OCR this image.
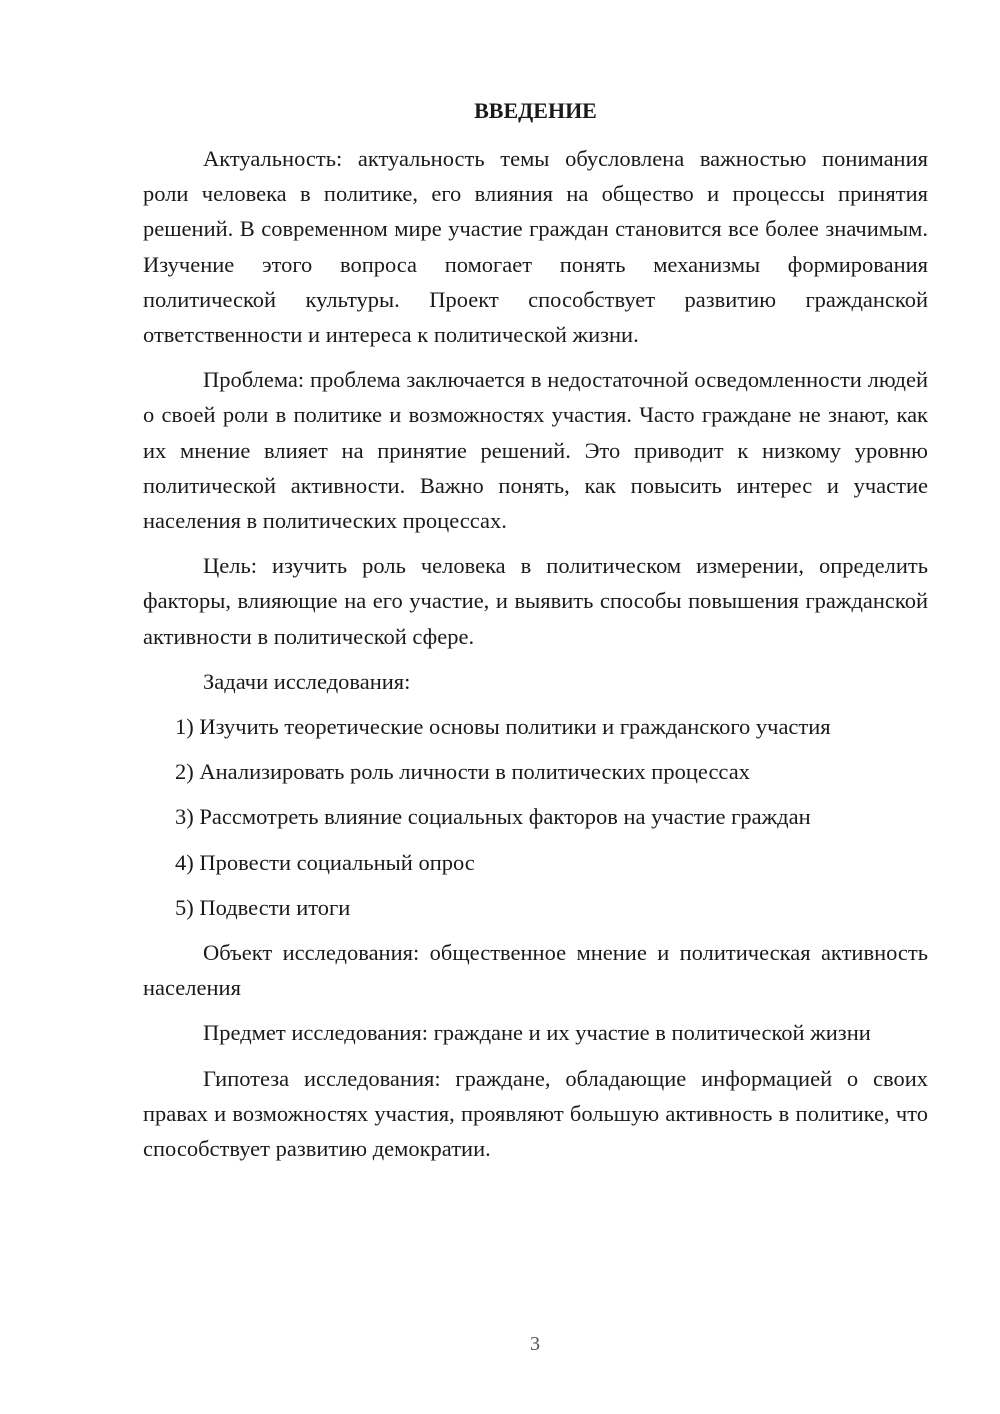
ВВЕДЕНИЕ

Актуальность: актуальность темы обусловлена важностью понимания роли человека в политике, его влияния на общество и процессы принятия решений. В современном мире участие граждан становится все более значимым. Изучение этого вопроса помогает понять механизмы формирования политической культуры. Проект способствует развитию гражданской ответственности и интереса к политической жизни.

Проблема: проблема заключается в недостаточной осведомленности людей о своей роли в политике и возможностях участия. Часто граждане не знают, как их мнение влияет на принятие решений. Это приводит к низкому уровню политической активности. Важно понять, как повысить интерес и участие населения в политических процессах.

Цель: изучить роль человека в политическом измерении, определить факторы, влияющие на его участие, и выявить способы повышения гражданской активности в политической сфере.

Задачи исследования:

1) Изучить теоретические основы политики и гражданского участия
2) Анализировать роль личности в политических процессах
3) Рассмотреть влияние социальных факторов на участие граждан
4) Провести социальный опрос
5) Подвести итоги

Объект исследования: общественное мнение и политическая активность населения

Предмет исследования: граждане и их участие в политической жизни

Гипотеза исследования: граждане, обладающие информацией о своих правах и возможностях участия, проявляют большую активность в политике, что способствует развитию демократии.

3
